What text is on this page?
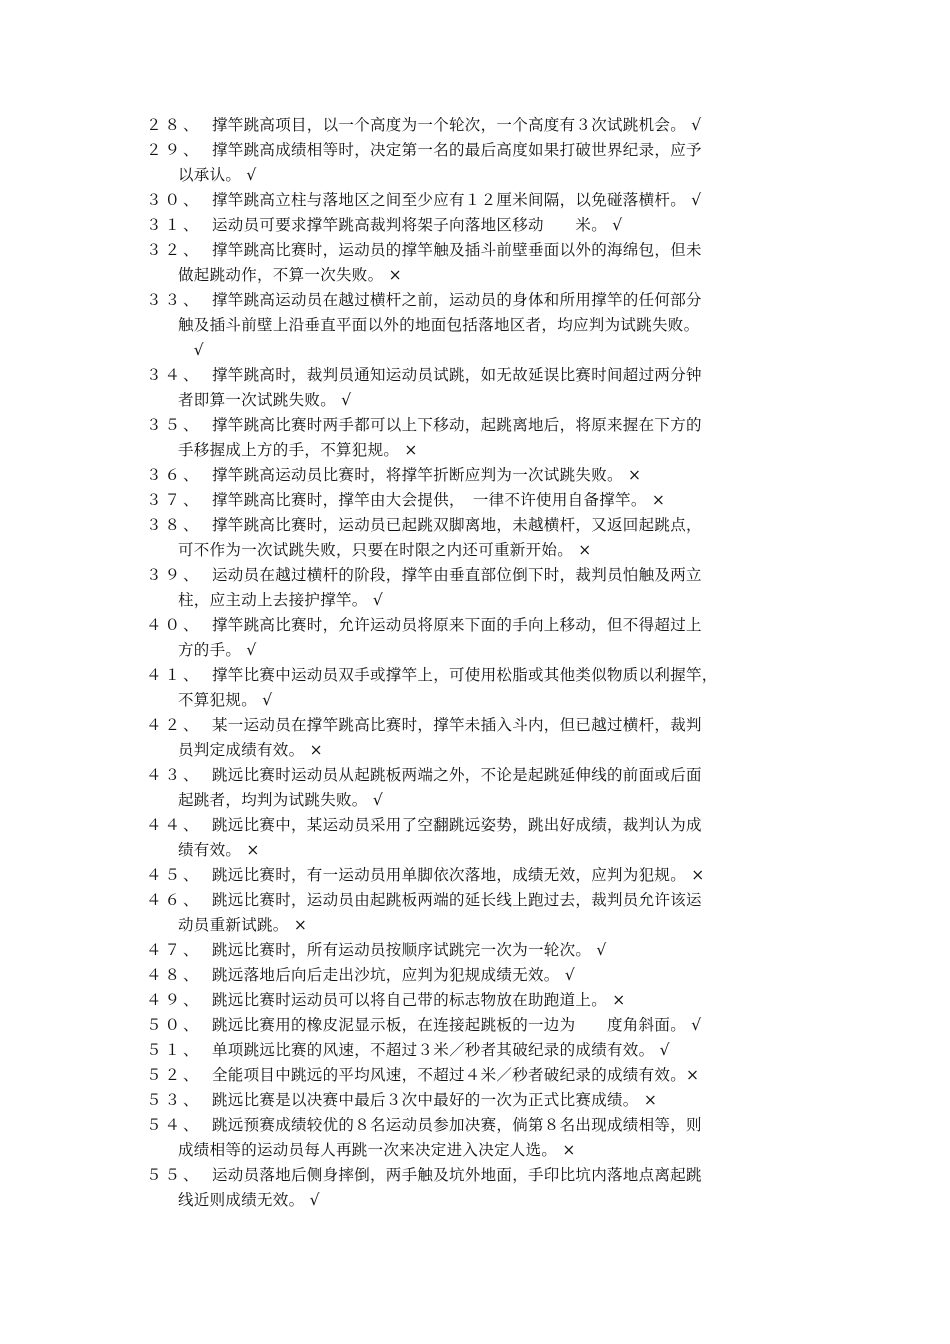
２８、 撑竿跳高项目，以一个高度为一个轮次，一个高度有３次试跳机会。 √
２９、 撑竿跳高成绩相等时，决定第一名的最后高度如果打破世界纪录，应予
以承认。 √
３０、 撑竿跳高立柱与落地区之间至少应有１２厘米间隔，以免碰落横杆。 √
３１、 运动员可要求撑竿跳高裁判将架子向落地区移动　　米。 √
３２、 撑竿跳高比赛时，运动员的撑竿触及插斗前壁垂面以外的海绵包，但未
做起跳动作，不算一次失败。 ×
３３、 撑竿跳高运动员在越过横杆之前，运动员的身体和所用撑竿的任何部分
触及插斗前壁上沿垂直平面以外的地面包括落地区者，均应判为试跳失败。
　√
３４、 撑竿跳高时，裁判员通知运动员试跳，如无故延误比赛时间超过两分钟
者即算一次试跳失败。 √
３５、 撑竿跳高比赛时两手都可以上下移动，起跳离地后，将原来握在下方的
手移握成上方的手，不算犯规。 ×
３６、 撑竿跳高运动员比赛时，将撑竿折断应判为一次试跳失败。 ×
３７、 撑竿跳高比赛时，撑竿由大会提供，　一律不许使用自备撑竿。 ×
３８、 撑竿跳高比赛时，运动员已起跳双脚离地，未越横杆，又返回起跳点，
可不作为一次试跳失败，只要在时限之内还可重新开始。 ×
３９、 运动员在越过横杆的阶段，撑竿由垂直部位倒下时，裁判员怕触及两立
柱，应主动上去接护撑竿。 √
４０、 撑竿跳高比赛时，允许运动员将原来下面的手向上移动，但不得超过上
方的手。 √
４１、 撑竿比赛中运动员双手或撑竿上，可使用松脂或其他类似物质以利握竿，
不算犯规。 √
４２、 某一运动员在撑竿跳高比赛时，撑竿未插入斗内，但已越过横杆，裁判
员判定成绩有效。 ×
４３、 跳远比赛时运动员从起跳板两端之外，不论是起跳延伸线的前面或后面
起跳者，均判为试跳失败。 √
４４、 跳远比赛中，某运动员采用了空翻跳远姿势，跳出好成绩，裁判认为成
绩有效。 ×
４５、 跳远比赛时，有一运动员用单脚依次落地，成绩无效，应判为犯规。 ×
４６、 跳远比赛时，运动员由起跳板两端的延长线上跑过去，裁判员允许该运
动员重新试跳。 ×
４７、 跳远比赛时，所有运动员按顺序试跳完一次为一轮次。 √
４８、 跳远落地后向后走出沙坑，应判为犯规成绩无效。 √
４９、 跳远比赛时运动员可以将自己带的标志物放在助跑道上。 ×
５０、 跳远比赛用的橡皮泥显示板，在连接起跳板的一边为　　度角斜面。 √
５１、 单项跳远比赛的风速，不超过３米／秒者其破纪录的成绩有效。 √
５２、 全能项目中跳远的平均风速，不超过４米／秒者破纪录的成绩有效。×
５３、 跳远比赛是以决赛中最后３次中最好的一次为正式比赛成绩。 ×
５４、 跳远预赛成绩较优的８名运动员参加决赛，倘第８名出现成绩相等，则
成绩相等的运动员每人再跳一次来决定进入决定人选。 ×
５５、 运动员落地后侧身摔倒，两手触及坑外地面，手印比坑内落地点离起跳
线近则成绩无效。 √
